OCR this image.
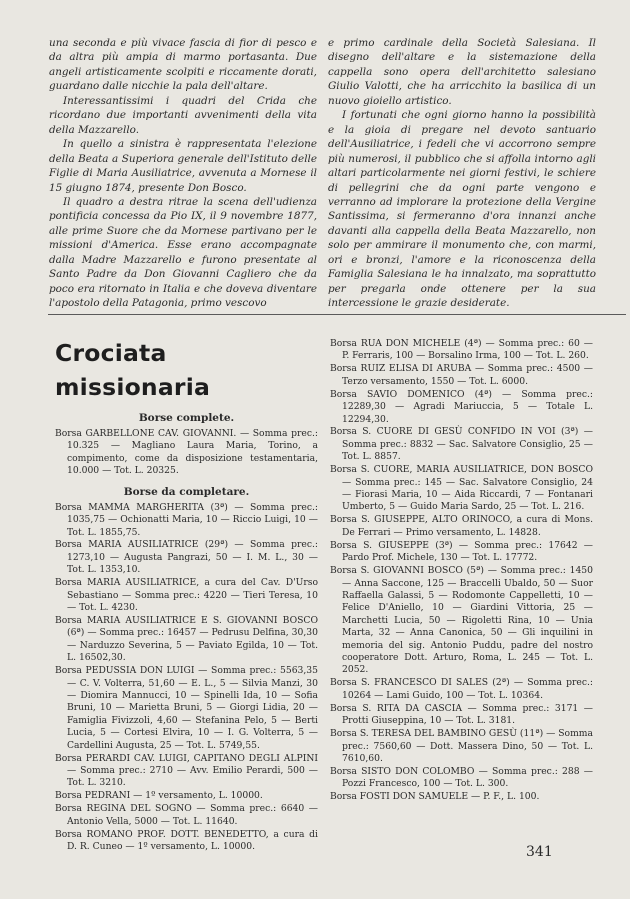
una seconda e più vivace fascia di fior di pesco e da altra più ampia di marmo portasanta. Due angeli artisticamente scolpiti e riccamente dorati, guardano dalle nicchie la pala dell'altare.

Interessantissimi i quadri del Crida che ricordano due importanti avvenimenti della vita della Mazzarello.

In quello a sinistra è rappresentata l'elezione della Beata a Superiora generale dell'Istituto delle Figlie di Maria Ausiliatrice, avvenuta a Mornese il 15 giugno 1874, presente Don Bosco.

Il quadro a destra ritrae la scena dell'udienza pontificia concessa da Pio IX, il 9 novembre 1877, alle prime Suore che da Mornese partivano per le missioni d'America. Esse erano accompagnate dalla Madre Mazzarello e furono presentate al Santo Padre da Don Giovanni Cagliero che da poco era ritornato in Italia e che doveva diventare l'apostolo della Patagonia, primo vescovo

e primo cardinale della Società Salesiana. Il disegno dell'altare e la sistemazione della cappella sono opera dell'architetto salesiano Giulio Valotti, che ha arricchito la basilica di un nuovo gioiello artistico.

I fortunati che ogni giorno hanno la possibilità e la gioia di pregare nel devoto santuario dell'Ausiliatrice, i fedeli che vi accorrono sempre più numerosi, il pubblico che si affolla intorno agli altari particolarmente nei giorni festivi, le schiere di pellegrini che da ogni parte vengono e verranno ad implorare la protezione della Vergine Santissima, si fermeranno d'ora innanzi anche davanti alla cappella della Beata Mazzarello, non solo per ammirare il monumento che, con marmi, ori e bronzi, l'amore e la riconoscenza della Famiglia Salesiana le ha innalzato, ma soprattutto per pregarla onde ottenere per la sua intercessione le grazie desiderate.

Crociata missionaria
Borse complete.

Borsa GARBELLONE CAV. GIOVANNI. — Somma prec.: 10.325 — Magliano Laura Maria, Torino, a compimento, come da disposizione testamentaria, 10.000 — Tot. L. 20325.

Borse da completare.

Borsa MAMMA MARGHERITA (3ª) — Somma prec.: 1035,75 — Ochionatti Maria, 10 — Riccio Luigi, 10 — Tot. L. 1855,75.

Borsa MARIA AUSILIATRICE (29ª) — Somma prec.: 1273,10 — Augusta Pangrazi, 50 — I. M. L., 30 — Tot. L. 1353,10.

Borsa MARIA AUSILIATRICE, a cura del Cav. D'Urso Sebastiano — Somma prec.: 4220 — Tieri Teresa, 10 — Tot. L. 4230.

Borsa MARIA AUSILIATRICE E S. GIOVANNI BOSCO (6ª) — Somma prec.: 16457 — Pedrusu Delfina, 30,30 — Narduzzo Severina, 5 — Paviato Egilda, 10 — Tot. L. 16502,30.

Borsa PEDUSSIA DON LUIGI — Somma prec.: 5563,35 — C. V. Volterra, 51,60 — E. L., 5 — Silvia Manzi, 30 — Diomira Mannucci, 10 — Spinelli Ida, 10 — Sofia Bruni, 10 — Marietta Bruni, 5 — Giorgi Lidia, 20 — Famiglia Fivizzoli, 4,60 — Stefanina Pelo, 5 — Berti Lucia, 5 — Cortesi Elvira, 10 — I. G. Volterra, 5 — Cardellini Augusta, 25 — Tot. L. 5749,55.

Borsa PERARDI CAV. LUIGI, CAPITANO DEGLI ALPINI — Somma prec.: 2710 — Avv. Emilio Perardi, 500 — Tot. L. 3210.

Borsa PEDRANI — 1º versamento, L. 10000.

Borsa REGINA DEL SOGNO — Somma prec.: 6640 — Antonio Vella, 5000 — Tot. L. 11640.

Borsa ROMANO PROF. DOTT. BENEDETTO, a cura di D. R. Cuneo — 1º versamento, L. 10000.

Borsa RUA DON MICHELE (4ª) — Somma prec.: 60 — P. Ferraris, 100 — Borsalino Irma, 100 — Tot. L. 260.

Borsa RUIZ ELISA DI ARUBA — Somma prec.: 4500 — Terzo versamento, 1550 — Tot. L. 6000.

Borsa SAVIO DOMENICO (4ª) — Somma prec.: 12289,30 — Agradi Mariuccia, 5 — Totale L. 12294,30.

Borsa S. CUORE DI GESÙ CONFIDO IN VOI (3ª) — Somma prec.: 8832 — Sac. Salvatore Consiglio, 25 — Tot. L. 8857.

Borsa S. CUORE, MARIA AUSILIATRICE, DON BOSCO — Somma prec.: 145 — Sac. Salvatore Consiglio, 24 — Fiorasi Maria, 10 — Aida Riccardi, 7 — Fontanari Umberto, 5 — Guido Maria Sardo, 25 — Tot. L. 216.

Borsa S. GIUSEPPE, ALTO ORINOCO, a cura di Mons. De Ferrari — Primo versamento, L. 14828.

Borsa S. GIUSEPPE (3ª) — Somma prec.: 17642 — Pardo Prof. Michele, 130 — Tot. L. 17772.

Borsa S. GIOVANNI BOSCO (5ª) — Somma prec.: 1450 — Anna Saccone, 125 — Braccelli Ubaldo, 50 — Suor Raffaella Galassi, 5 — Rodomonte Cappelletti, 10 — Felice D'Aniello, 10 — Giardini Vittoria, 25 — Marchetti Lucia, 50 — Rigoletti Rina, 10 — Unia Marta, 32 — Anna Canonica, 50 — Gli inquilini in memoria del sig. Antonio Puddu, padre del nostro cooperatore Dott. Arturo, Roma, L. 245 — Tot. L. 2052.

Borsa S. FRANCESCO DI SALES (2ª) — Somma prec.: 10264 — Lami Guido, 100 — Tot. L. 10364.

Borsa S. RITA DA CASCIA — Somma prec.: 3171 — Protti Giuseppina, 10 — Tot. L. 3181.

Borsa S. TERESA DEL BAMBINO GESÙ (11ª) — Somma prec.: 7560,60 — Dott. Massera Dino, 50 — Tot. L. 7610,60.

Borsa SISTO DON COLOMBO — Somma prec.: 288 — Pozzi Francesco, 100 — Tot. L. 300.

Borsa FOSTI DON SAMUELE — P. F., L. 100.

341
